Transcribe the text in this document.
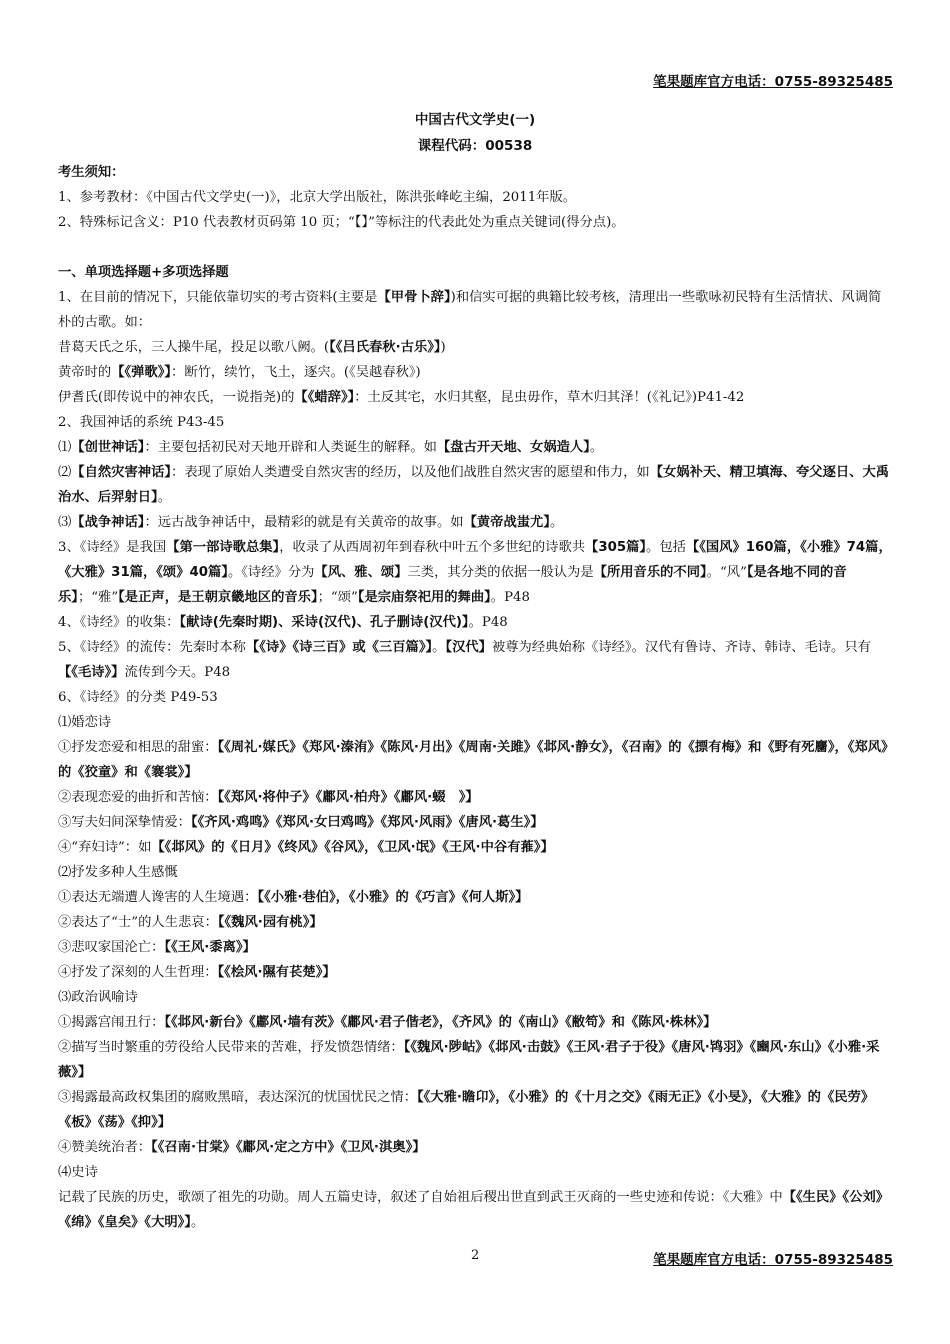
笔果题库官方电话：0755-89325485
中国古代文学史(一)
课程代码：00538

考生须知：

1、参考教材：《中国古代文学史(一)》，北京大学出版社，陈洪张峰屹主编，2011年版。

2、特殊标记含义：P10 代表教材页码第 10 页；“【】”等标注的代表此处为重点关键词(得分点)。

一、单项选择题+多项选择题

1、在目前的情况下，只能依靠切实的考古资料(主要是【甲骨卜辞】)和信实可据的典籍比较考核，清理出一些歌咏初民特有生活情状、风调简朴的古歌。如：

昔葛天氏之乐，三人操牛尾，投足以歌八阙。(【《吕氏春秋·古乐》】)

黄帝时的【《弹歌》】：断竹，续竹，飞土，逐宍。(《吴越春秋》)

伊耆氏(即传说中的神农氏，一说指尧)的【《蜡辞》】：土反其宅，水归其壑，昆虫毋作，草木归其泽！(《礼记》)P41-42

2、我国神话的系统 P43-45

⑴【创世神话】：主要包括初民对天地开辟和人类诞生的解释。如【盘古开天地、女娲造人】。

⑵【自然灾害神话】：表现了原始人类遭受自然灾害的经历，以及他们战胜自然灾害的愿望和伟力，如【女娲补天、精卫填海、夸父逐日、大禹治水、后羿射日】。

⑶【战争神话】：远古战争神话中，最精彩的就是有关黄帝的故事。如【黄帝战蚩尤】。

3、《诗经》是我国【第一部诗歌总集】，收录了从西周初年到春秋中叶五个多世纪的诗歌共【305篇】。包括【《国风》160篇，《小雅》74篇，《大雅》31篇，《颂》40篇】。《诗经》分为【风、雅、颂】三类，其分类的依据一般认为是【所用音乐的不同】。“风”【是各地不同的音乐】；“雅”【是正声，是王朝京畿地区的音乐】；“颂”【是宗庙祭祀用的舞曲】。P48

4、《诗经》的收集：【献诗(先秦时期)、采诗(汉代)、孔子删诗(汉代)】。P48

5、《诗经》的流传：先秦时本称【《诗》《诗三百》或《三百篇》】。【汉代】被尊为经典始称《诗经》。汉代有鲁诗、齐诗、韩诗、毛诗。只有【《毛诗》】流传到今天。P48

6、《诗经》的分类 P49-53

⑴婚恋诗

①抒发恋爱和相思的甜蜜：【《周礼·媒氏》《郑风·溱洧》《陈风·月出》《周南·关雎》《邶风·静女》，《召南》的《摽有梅》和《野有死麕》，《郑风》的《狡童》和《褰裳》】

②表现恋爱的曲折和苦恼：【《郑风·将仲子》《鄘风·柏舟》《鄘风·蝃　》】

③写夫妇间深挚情爱：【《齐风·鸡鸣》《郑风·女曰鸡鸣》《郑风·风雨》《唐风·葛生》】

④“弃妇诗”：如【《邶风》的《日月》《终风》《谷风》，《卫风·氓》《王风·中谷有蓷》】

⑵抒发多种人生感慨

①表达无端遭人谗害的人生境遇：【《小雅·巷伯》，《小雅》的《巧言》《何人斯》】

②表达了“士”的人生悲哀：【《魏风·园有桃》】

③悲叹家国沦亡：【《王风·黍离》】

④抒发了深刻的人生哲理：【《桧风·隰有苌楚》】

⑶政治讽喻诗

①揭露宫闱丑行：【《邶风·新台》《鄘风·墙有茨》《鄘风·君子偕老》，《齐风》的《南山》《敝笱》和《陈风·株林》】

②描写当时繁重的劳役给人民带来的苦难，抒发愤怨情绪：【《魏风·陟岵》《邶风·击鼓》《王风·君子于役》《唐风·鸨羽》《豳风·东山》《小雅·采薇》】

③揭露最高政权集团的腐败黑暗，表达深沉的忧国忧民之情：【《大雅·瞻卬》，《小雅》的《十月之交》《雨无正》《小旻》，《大雅》的《民劳》《板》《荡》《抑》】

④赞美统治者：【《召南·甘棠》《鄘风·定之方中》《卫风·淇奥》】

⑷史诗

记载了民族的历史，歌颂了祖先的功勋。周人五篇史诗，叙述了自始祖后稷出世直到武王灭商的一些史迹和传说：《大雅》中【《生民》《公刘》《绵》《皇矣》《大明》】。

2	笔果题库官方电话：0755-89325485
